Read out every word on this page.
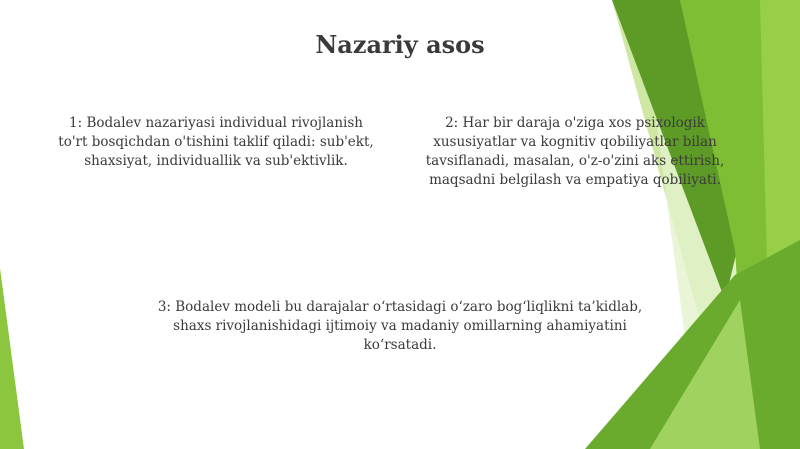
Nazariy asos
1: Bodalev nazariyasi individual rivojlanish to'rt bosqichdan o'tishini taklif qiladi: sub'ekt, shaxsiyat, individuallik va sub'ektivlik.
2: Har bir daraja o'ziga xos psixologik xususiyatlar va kognitiv qobiliyatlar bilan tavsiflanadi, masalan, o'z-o'zini aks ettirish, maqsadni belgilash va empatiya qobiliyati.
3: Bodalev modeli bu darajalar o‘rtasidagi o‘zaro bog‘liqlikni ta’kidlab, shaxs rivojlanishidagi ijtimoiy va madaniy omillarning ahamiyatini ko‘rsatadi.
